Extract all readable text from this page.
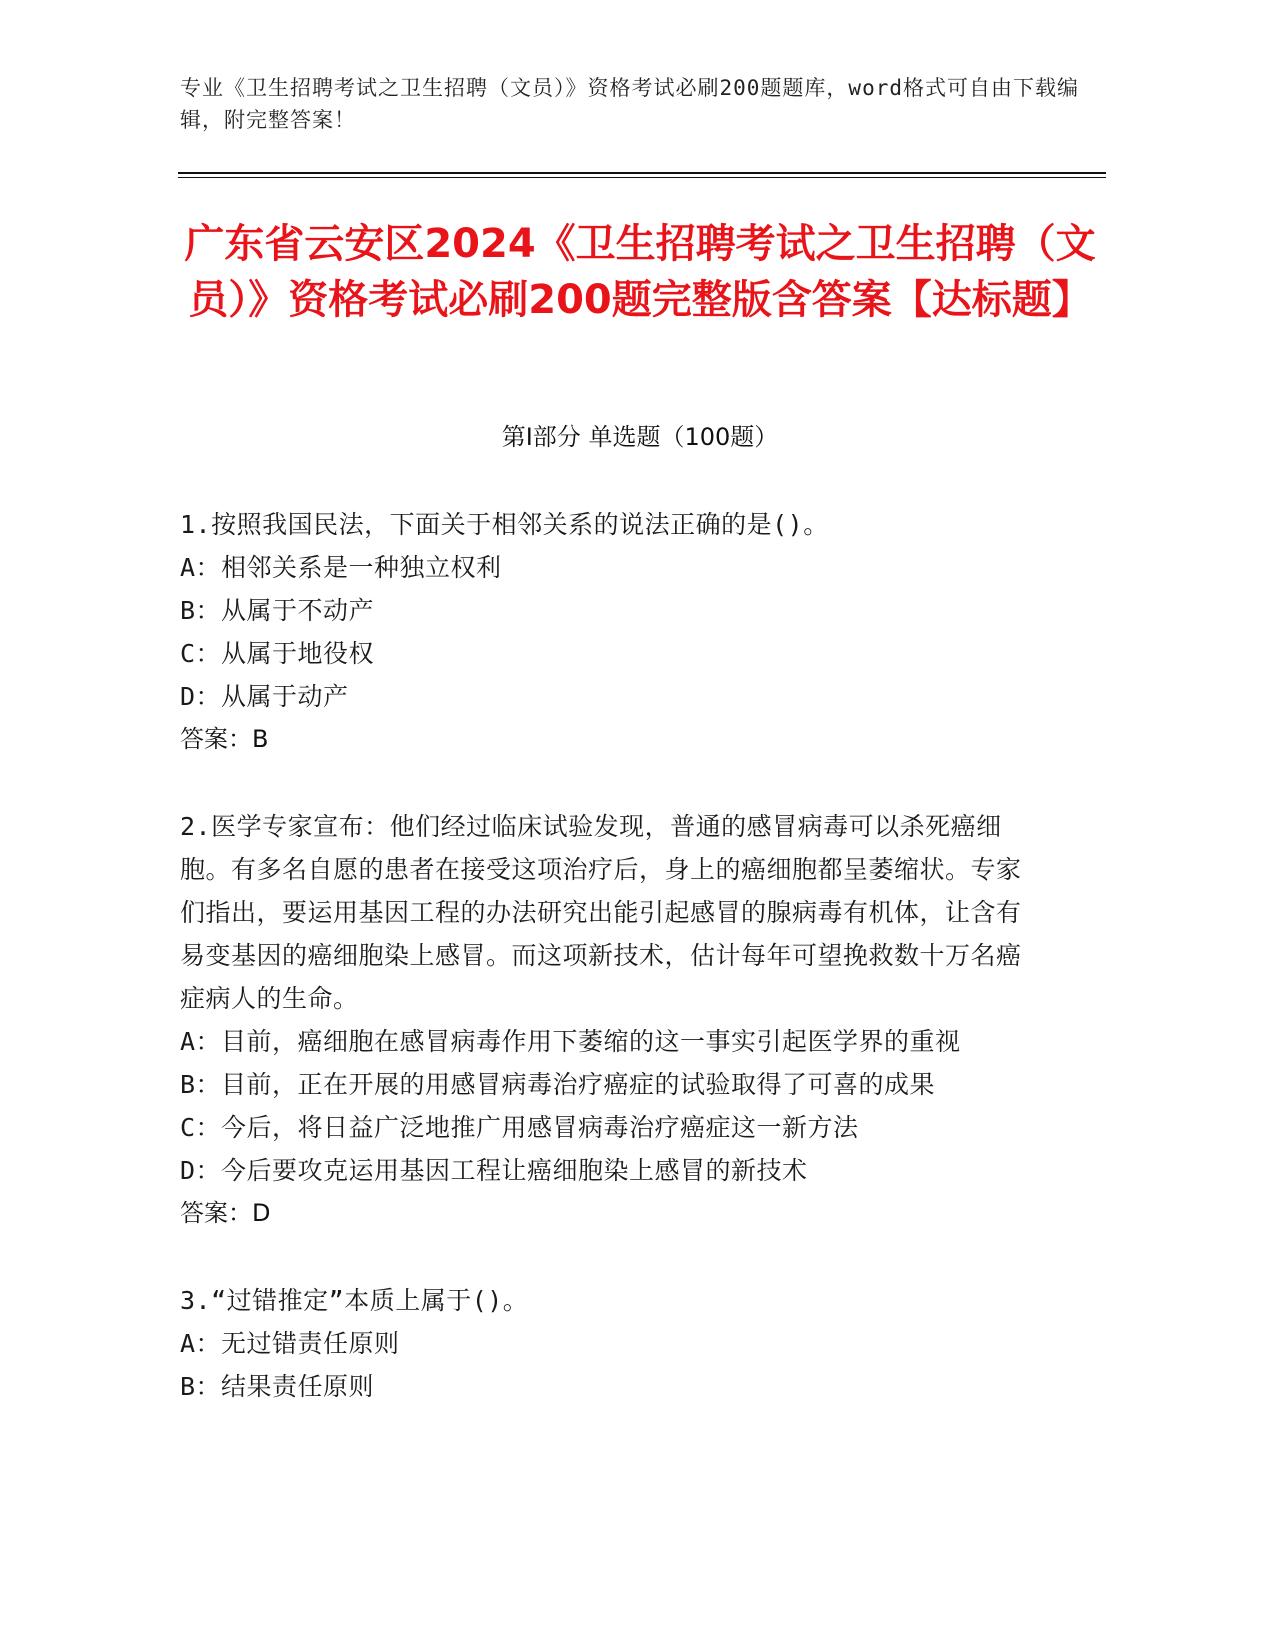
专业《卫生招聘考试之卫生招聘（文员）》资格考试必刷200题题库，word格式可自由下载编辑，附完整答案！
广东省云安区2024《卫生招聘考试之卫生招聘（文员）》资格考试必刷200题完整版含答案【达标题】
第Ⅰ部分 单选题（100题）
1.按照我国民法，下面关于相邻关系的说法正确的是()。
A：相邻关系是一种独立权利
B：从属于不动产
C：从属于地役权
D：从属于动产
答案：B
2.医学专家宣布：他们经过临床试验发现，普通的感冒病毒可以杀死癌细胞。有多名自愿的患者在接受这项治疗后，身上的癌细胞都呈萎缩状。专家们指出，要运用基因工程的办法研究出能引起感冒的腺病毒有机体，让含有易变基因的癌细胞染上感冒。而这项新技术，估计每年可望挽救数十万名癌症病人的生命。
A：目前，癌细胞在感冒病毒作用下萎缩的这一事实引起医学界的重视
B：目前，正在开展的用感冒病毒治疗癌症的试验取得了可喜的成果
C：今后，将日益广泛地推广用感冒病毒治疗癌症这一新方法
D：今后要攻克运用基因工程让癌细胞染上感冒的新技术
答案：D
3.“过错推定”本质上属于()。
A：无过错责任原则
B：结果责任原则
